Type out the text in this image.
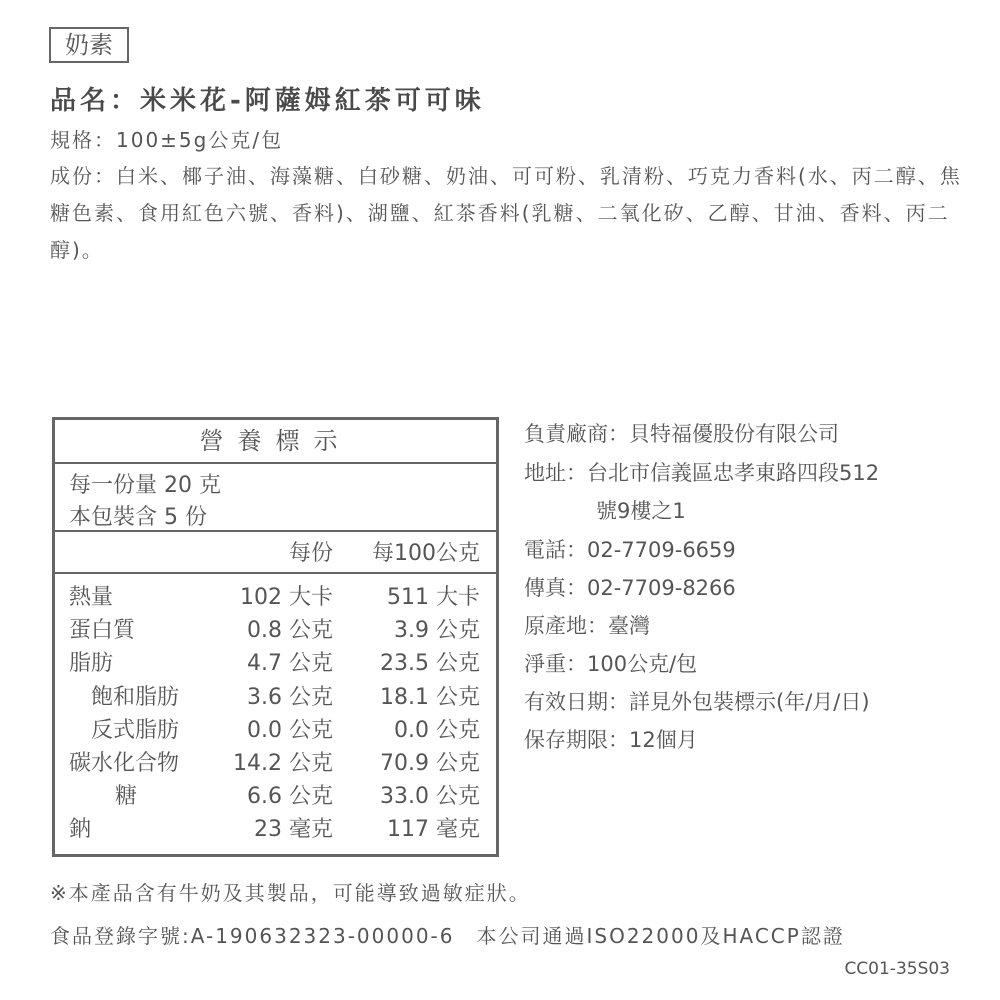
奶素
品名：米米花-阿薩姆紅茶可可味
規格：100±5g公克/包
成份：白米、椰子油、海藻糖、白砂糖、奶油、可可粉、乳清粉、巧克力香料(水、丙二醇、焦糖色素、食用紅色六號、香料)、湖鹽、紅茶香料(乳糖、二氧化矽、乙醇、甘油、香料、丙二醇)。
營養標示
每一份量 20 克
本包裝含 5 份
每份 每100公克
熱量	102 大卡 511 大卡
蛋白質	0.8 公克	3.9 公克
脂肪	4.7 公克 23.5 公克
飽和脂肪	3.6 公克 18.1 公克
反式脂肪	0.0 公克	0.0 公克
碳水化合物 14.2 公克 70.9 公克
糖	6.6 公克 33.0 公克
鈉	23 毫克 117 毫克
負責廠商：貝特福優股份有限公司
地址：台北市信義區忠孝東路四段512
號9樓之1
電話：02-7709-6659
傳真：02-7709-8266
原產地：臺灣
淨重：100公克/包
有效日期：詳見外包裝標示(年/月/日)
保存期限：12個月
※本產品含有牛奶及其製品，可能導致過敏症狀。
食品登錄字號:A-190632323-00000-6　本公司通過ISO22000及HACCP認證
CC01-35S03
